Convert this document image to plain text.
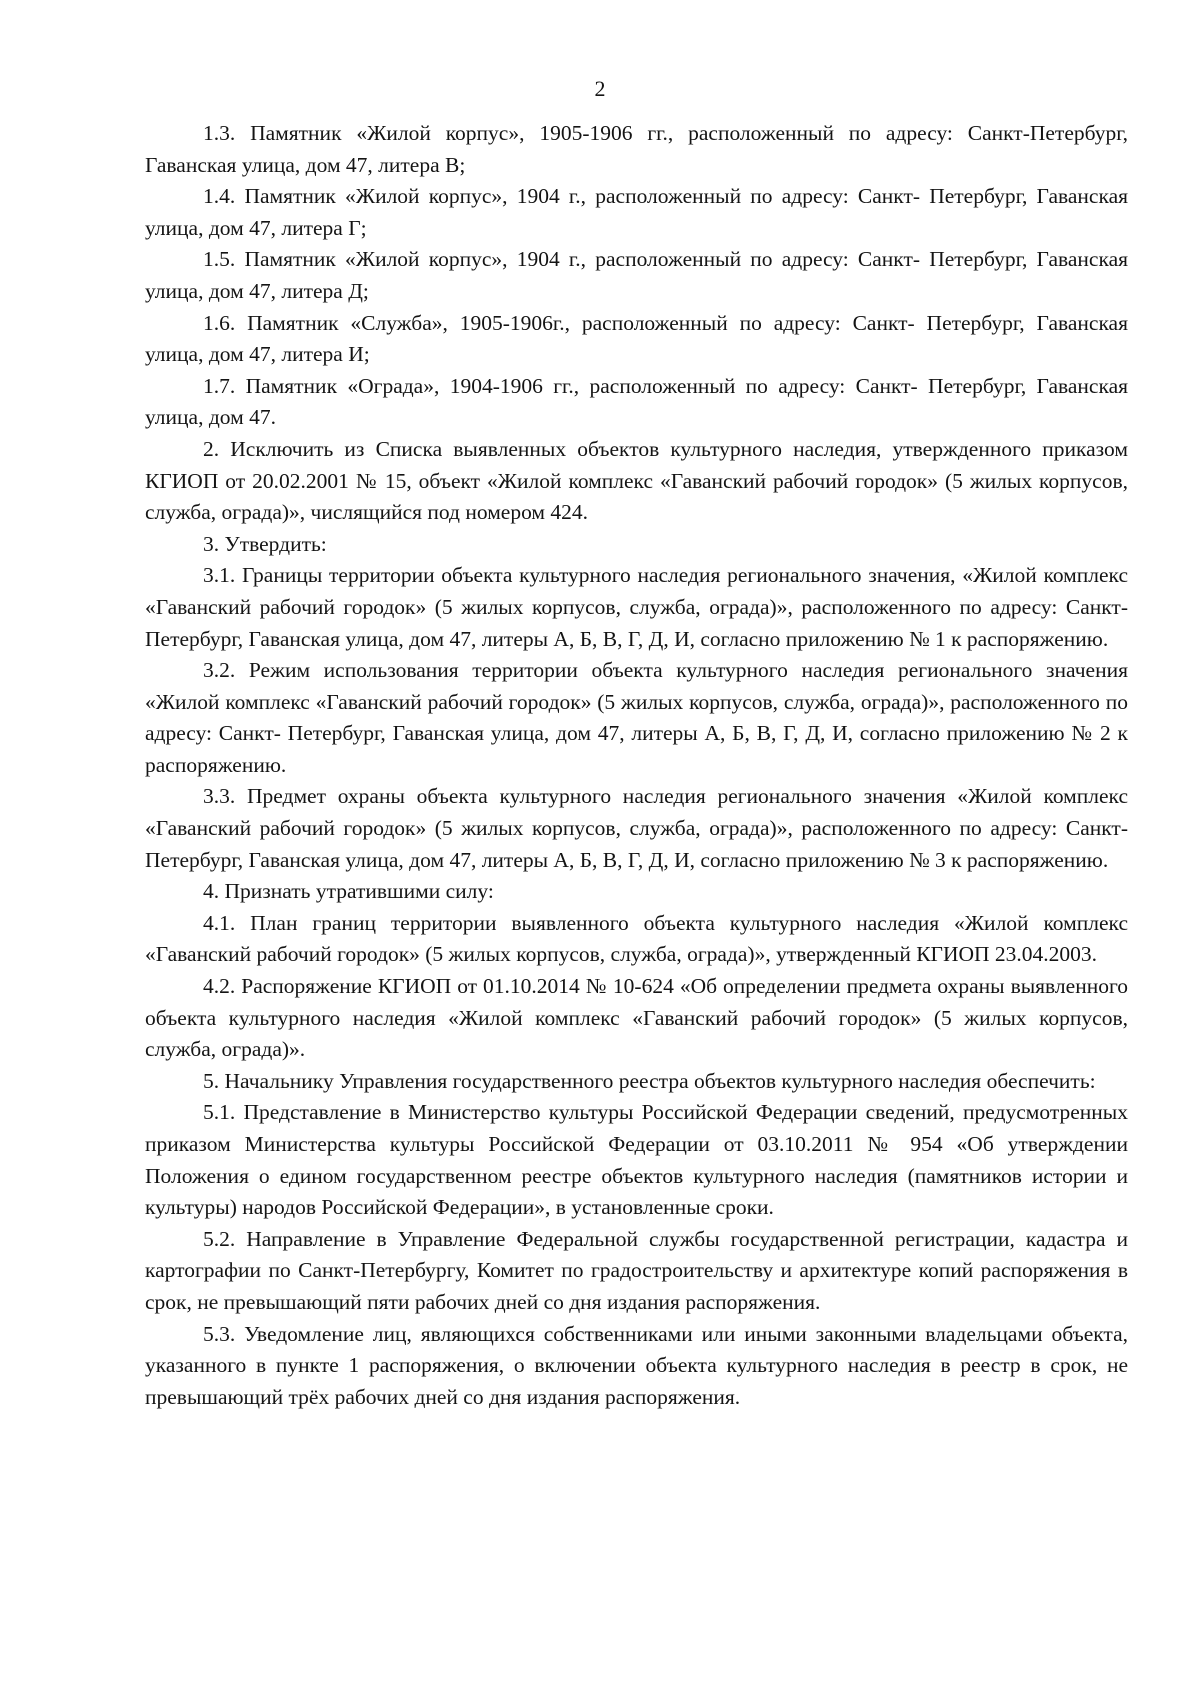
2

1.3. Памятник «Жилой корпус», 1905-1906 гг., расположенный по адресу: Санкт-Петербург, Гаванская улица, дом 47, литера В;

1.4. Памятник «Жилой корпус», 1904 г., расположенный по адресу: Санкт- Петербург, Гаванская улица, дом 47, литера Г;

1.5. Памятник «Жилой корпус», 1904 г., расположенный по адресу: Санкт- Петербург, Гаванская улица, дом 47, литера Д;

1.6. Памятник «Служба», 1905-1906г., расположенный по адресу: Санкт- Петербург, Гаванская улица, дом 47, литера И;

1.7. Памятник «Ограда», 1904-1906 гг., расположенный по адресу: Санкт- Петербург, Гаванская улица, дом 47.

2. Исключить из Списка выявленных объектов культурного наследия, утвержденного приказом КГИОП от 20.02.2001 № 15, объект «Жилой комплекс «Гаванский рабочий городок» (5 жилых корпусов, служба, ограда)», числящийся под номером 424.

3. Утвердить:

3.1. Границы территории объекта культурного наследия регионального значения, «Жилой комплекс «Гаванский рабочий городок» (5 жилых корпусов, служба, ограда)», расположенного по адресу: Санкт- Петербург, Гаванская улица, дом 47, литеры А, Б, В, Г, Д, И, согласно приложению № 1 к распоряжению.

3.2. Режим использования территории объекта культурного наследия регионального значения «Жилой комплекс «Гаванский рабочий городок» (5 жилых корпусов, служба, ограда)», расположенного по адресу: Санкт- Петербург, Гаванская улица, дом 47, литеры А, Б, В, Г, Д, И, согласно приложению № 2 к распоряжению.

3.3. Предмет охраны объекта культурного наследия регионального значения «Жилой комплекс «Гаванский рабочий городок» (5 жилых корпусов, служба, ограда)», расположенного по адресу: Санкт- Петербург, Гаванская улица, дом 47, литеры А, Б, В, Г, Д, И, согласно приложению № 3 к распоряжению.

4. Признать утратившими силу:

4.1. План границ территории выявленного объекта культурного наследия «Жилой комплекс «Гаванский рабочий городок» (5 жилых корпусов, служба, ограда)», утвержденный КГИОП 23.04.2003.

4.2. Распоряжение КГИОП от 01.10.2014 № 10-624 «Об определении предмета охраны выявленного объекта культурного наследия «Жилой комплекс «Гаванский рабочий городок» (5 жилых корпусов, служба, ограда)».

5. Начальнику Управления государственного реестра объектов культурного наследия обеспечить:

5.1. Представление в Министерство культуры Российской Федерации сведений, предусмотренных приказом Министерства культуры Российской Федерации от 03.10.2011 № 954 «Об утверждении Положения о едином государственном реестре объектов культурного наследия (памятников истории и культуры) народов Российской Федерации», в установленные сроки.

5.2. Направление в Управление Федеральной службы государственной регистрации, кадастра и картографии по Санкт-Петербургу, Комитет по градостроительству и архитектуре копий распоряжения в срок, не превышающий пяти рабочих дней со дня издания распоряжения.

5.3. Уведомление лиц, являющихся собственниками или иными законными владельцами объекта, указанного в пункте 1 распоряжения, о включении объекта культурного наследия в реестр в срок, не превышающий трёх рабочих дней со дня издания распоряжения.
